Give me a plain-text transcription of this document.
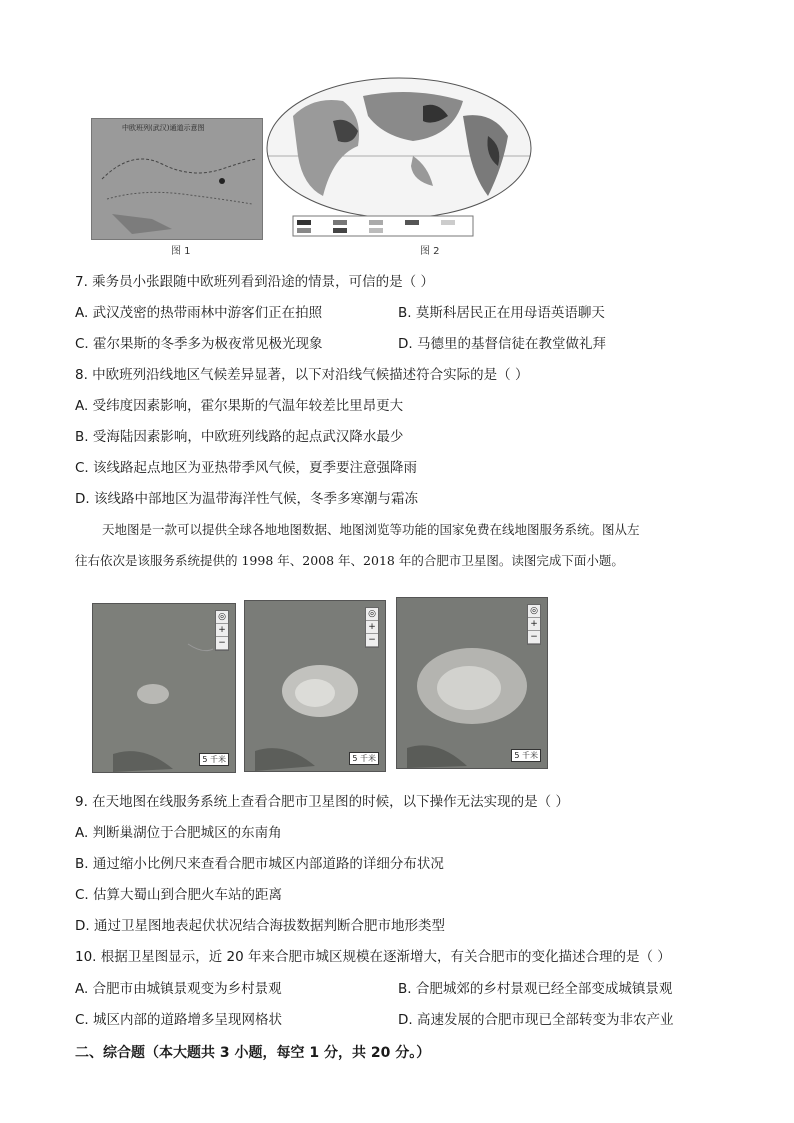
中欧班列(武汉)通道示意图
图 1	图 2
7. 乘务员小张跟随中欧班列看到沿途的情景，可信的是（ ）
A. 武汉茂密的热带雨林中游客们正在拍照	B. 莫斯科居民正在用母语英语聊天
C. 霍尔果斯的冬季多为极夜常见极光现象	D. 马德里的基督信徒在教堂做礼拜
8. 中欧班列沿线地区气候差异显著，以下对沿线气候描述符合实际的是（ ）
A. 受纬度因素影响，霍尔果斯的气温年较差比里昂更大
B. 受海陆因素影响，中欧班列线路的起点武汉降水最少
C. 该线路起点地区为亚热带季风气候，夏季要注意强降雨
D. 该线路中部地区为温带海洋性气候，冬季多寒潮与霜冻
天地图是一款可以提供全球各地地图数据、地图浏览等功能的国家免费在线地图服务系统。图从左
往右依次是该服务系统提供的 1998 年、2008 年、2018 年的合肥市卫星图。读图完成下面小题。
◎
+
−
5 千米
◎
+
−
5 千米
◎
+
−
5 千米
9. 在天地图在线服务系统上查看合肥市卫星图的时候，以下操作无法实现的是（ ）
A. 判断巢湖位于合肥城区的东南角
B. 通过缩小比例尺来查看合肥市城区内部道路的详细分布状况
C. 估算大蜀山到合肥火车站的距离
D. 通过卫星图地表起伏状况结合海拔数据判断合肥市地形类型
10. 根据卫星图显示，近 20 年来合肥市城区规模在逐渐增大，有关合肥市的变化描述合理的是（ ）
A. 合肥市由城镇景观变为乡村景观	B. 合肥城郊的乡村景观已经全部变成城镇景观
C. 城区内部的道路增多呈现网格状	D. 高速发展的合肥市现已全部转变为非农产业
二、综合题（本大题共 3 小题，每空 1 分，共 20 分。）
